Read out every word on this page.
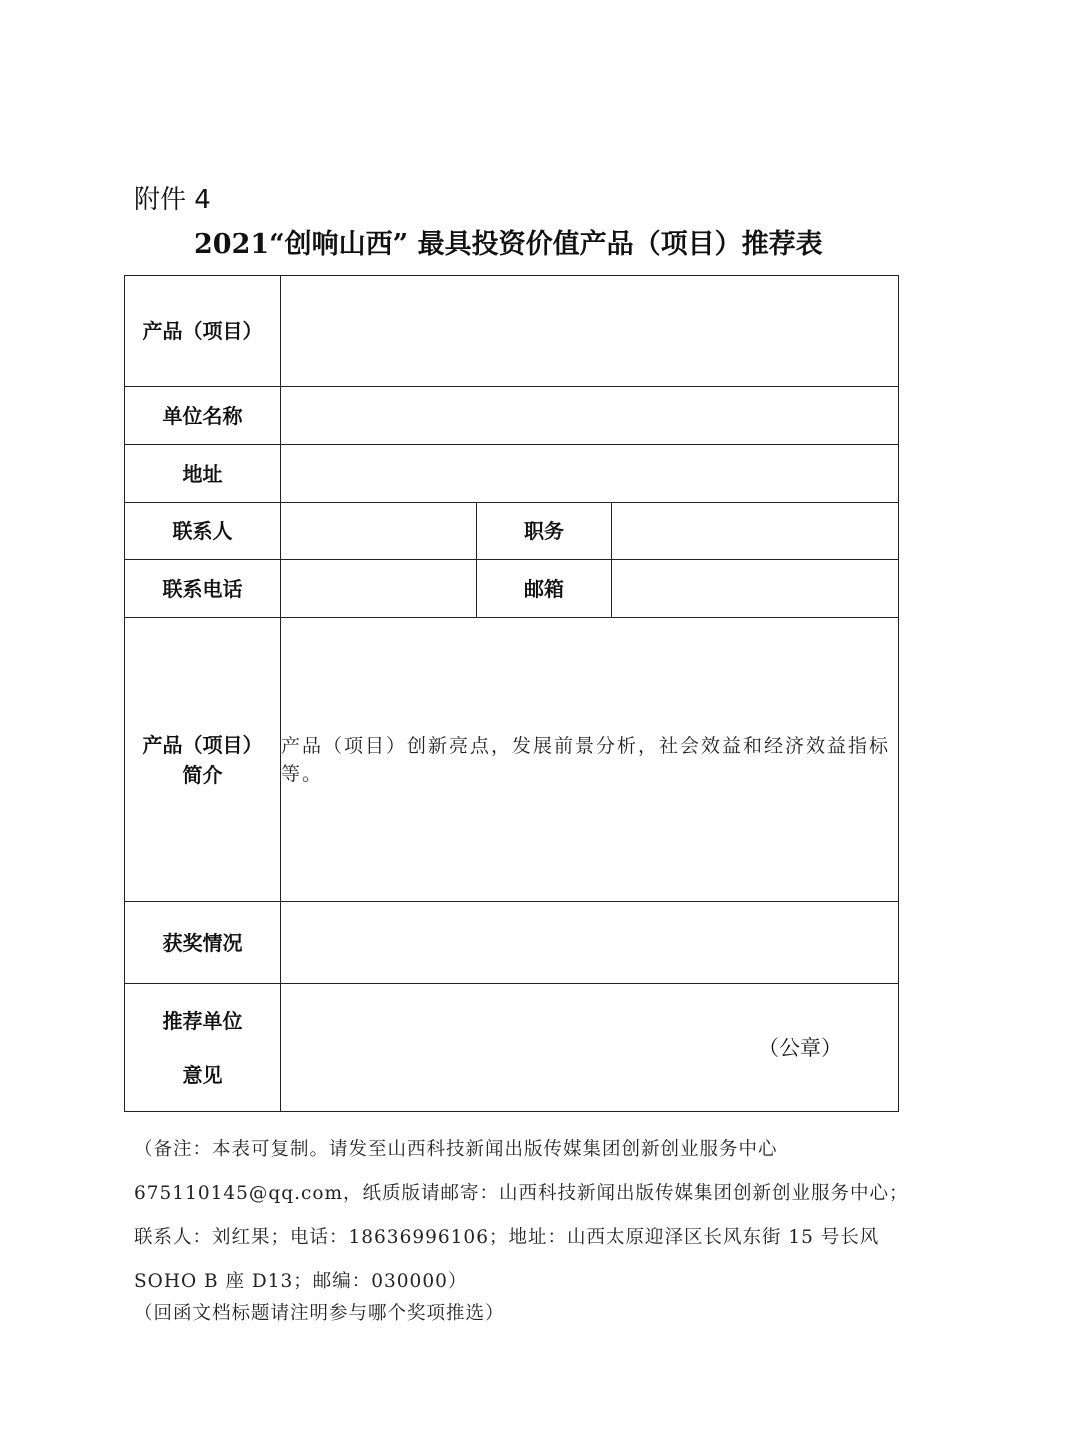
附件 4
2021“创响山西” 最具投资价值产品（项目）推荐表
产品（项目）			
单位名称			
地址			
联系人		职务	
联系电话		邮箱	
产品（项目）
简介	产品（项目）创新亮点，发展前景分析，社会效益和经济效益指标等。		
获奖情况			

推荐单位
意见	（公章）		
（备注：本表可复制。请发至山西科技新闻出版传媒集团创新创业服务中心
675110145@qq.com，纸质版请邮寄：山西科技新闻出版传媒集团创新创业服务中心；
联系人：刘红果；电话：18636996106；地址：山西太原迎泽区长风东街 15 号长风
SOHO B 座 D13；邮编：030000）
（回函文档标题请注明参与哪个奖项推选）
